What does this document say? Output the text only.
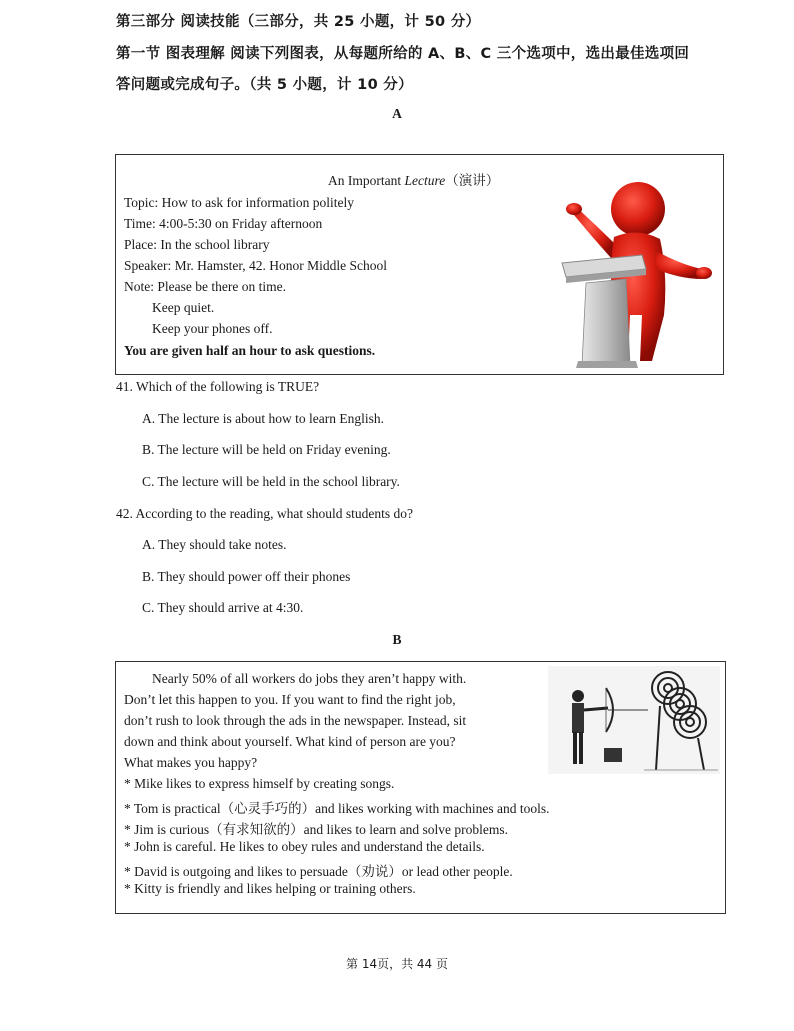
第三部分 阅读技能（三部分，共 25 小题，计 50 分）
第一节 图表理解 阅读下列图表，从每题所给的 A、B、C 三个选项中，选出最佳选项回
答问题或完成句子。（共 5 小题，计 10 分）
A
An Important Lecture（演讲）
Topic: How to ask for information politely
Time: 4:00-5:30 on Friday afternoon
Place: In the school library
Speaker: Mr. Hamster, 42. Honor Middle School
Note: Please be there on time.
Keep quiet.
Keep your phones off.
You are given half an hour to ask questions.
41. Which of the following is TRUE?
A. The lecture is about how to learn English.
B. The lecture will be held on Friday evening.
C. The lecture will be held in the school library.
42. According to the reading, what should students do?
A. They should take notes.
B. They should power off their phones
C. They should arrive at 4:30.
B
Nearly 50% of all workers do jobs they aren’t happy with.
Don’t let this happen to you. If you want to find the right job,
don’t rush to look through the ads in the newspaper. Instead, sit
down and think about yourself. What kind of person are you?
What makes you happy?
* Mike likes to express himself by creating songs.
* Tom is practical（心灵手巧的）and likes working with machines and tools.
* Jim is curious（有求知欲的）and likes to learn and solve problems.
* John is careful. He likes to obey rules and understand the details.
* David is outgoing and likes to persuade（劝说）or lead other people.
* Kitty is friendly and likes helping or training others.
第 14页，共 44 页
